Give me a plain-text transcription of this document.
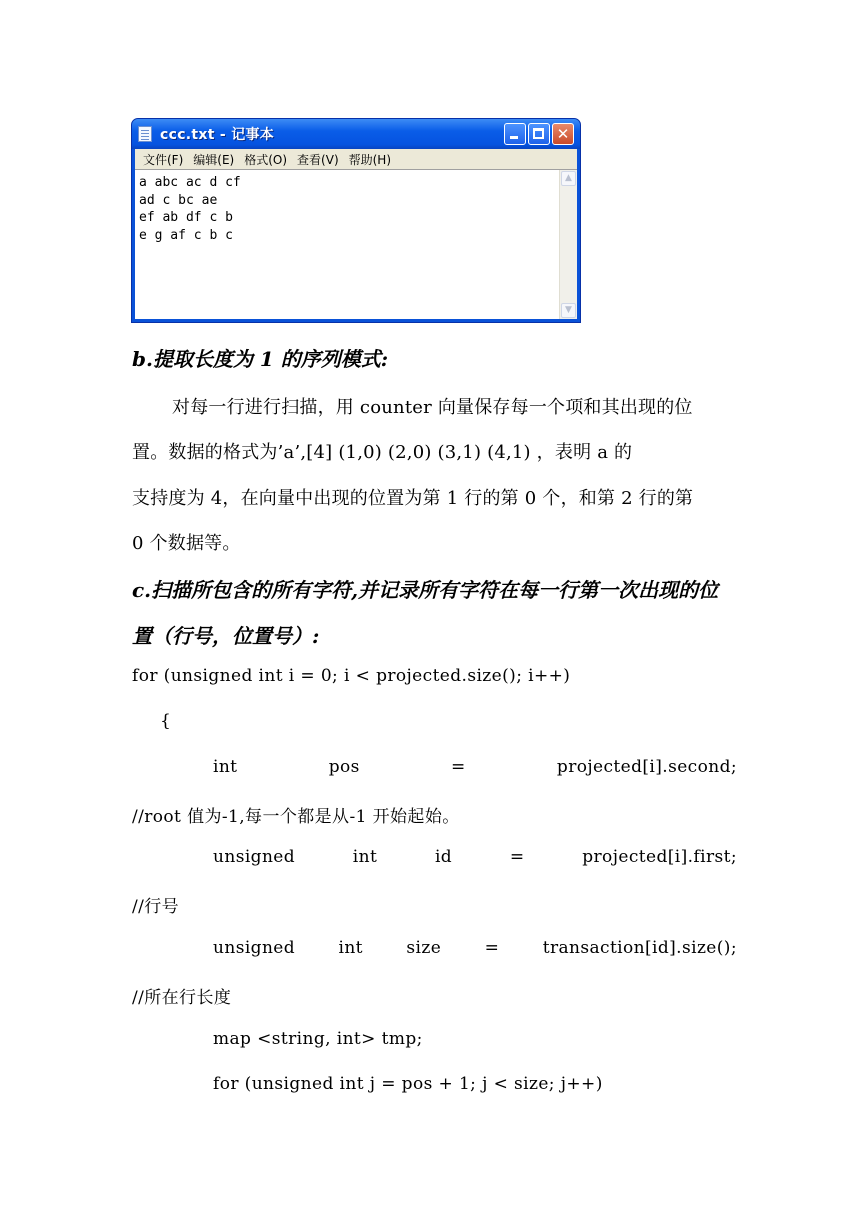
ccc.txt - 记事本	✕
文件(F) 编辑(E) 格式(O) 查看(V) 帮助(H)
a abc ac d cf
ad c bc ae
ef ab df c b
e g af c b c
▲
▼
b.提取长度为 1 的序列模式:
对每一行进行扫描，用 counter 向量保存每一个项和其出现的位
置。数据的格式为’a’,[4] (1,0) (2,0) (3,1) (4,1) ，表明 a 的
支持度为 4，在向量中出现的位置为第 1 行的第 0 个，和第 2 行的第
0 个数据等。
c.扫描所包含的所有字符,并记录所有字符在每一行第一次出现的位
置（行号，位置号）:
for (unsigned int i = 0; i < projected.size(); i++)
{
int	pos	=	projected[i].second;
//root 值为-1,每一个都是从-1 开始起始。
unsigned	int	id	=	projected[i].first;
//行号
unsigned	int	size	=	transaction[id].size();
//所在行长度
map <string, int> tmp;
for (unsigned int j = pos + 1; j < size; j++)
